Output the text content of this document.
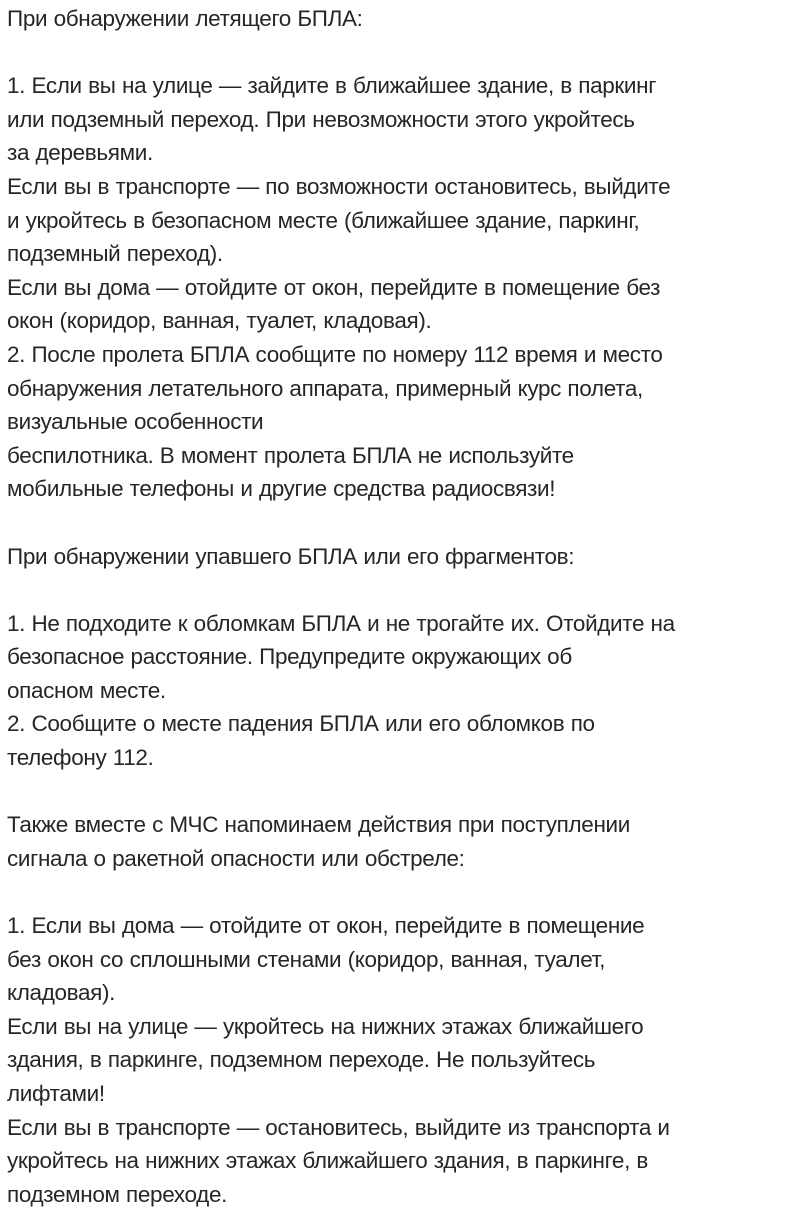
При обнаружении летящего БПЛА:
1. Если вы на улице — зайдите в ближайшее здание, в паркинг
или подземный переход. При невозможности этого укройтесь
за деревьями.
Если вы в транспорте — по возможности остановитесь, выйдите
и укройтесь в безопасном месте (ближайшее здание, паркинг,
подземный переход).
Если вы дома — отойдите от окон, перейдите в помещение без
окон (коридор, ванная, туалет, кладовая).
2. После пролета БПЛА сообщите по номеру 112 время и место
обнаружения летательного аппарата, примерный курс полета,
визуальные особенности
беспилотника. В момент пролета БПЛА не используйте
мобильные телефоны и другие средства радиосвязи!
При обнаружении упавшего БПЛА или его фрагментов:
1. Не подходите к обломкам БПЛА и не трогайте их. Отойдите на
безопасное расстояние. Предупредите окружающих об
опасном месте.
2. Сообщите о месте падения БПЛА или его обломков по
телефону 112.
Также вместе с МЧС напоминаем действия при поступлении
сигнала о ракетной опасности или обстреле:
1. Если вы дома — отойдите от окон, перейдите в помещение
без окон со сплошными стенами (коридор, ванная, туалет,
кладовая).
Если вы на улице — укройтесь на нижних этажах ближайшего
здания, в паркинге, подземном переходе. Не пользуйтесь
лифтами!
Если вы в транспорте — остановитесь, выйдите из транспорта и
укройтесь на нижних этажах ближайшего здания, в паркинге, в
подземном переходе.
